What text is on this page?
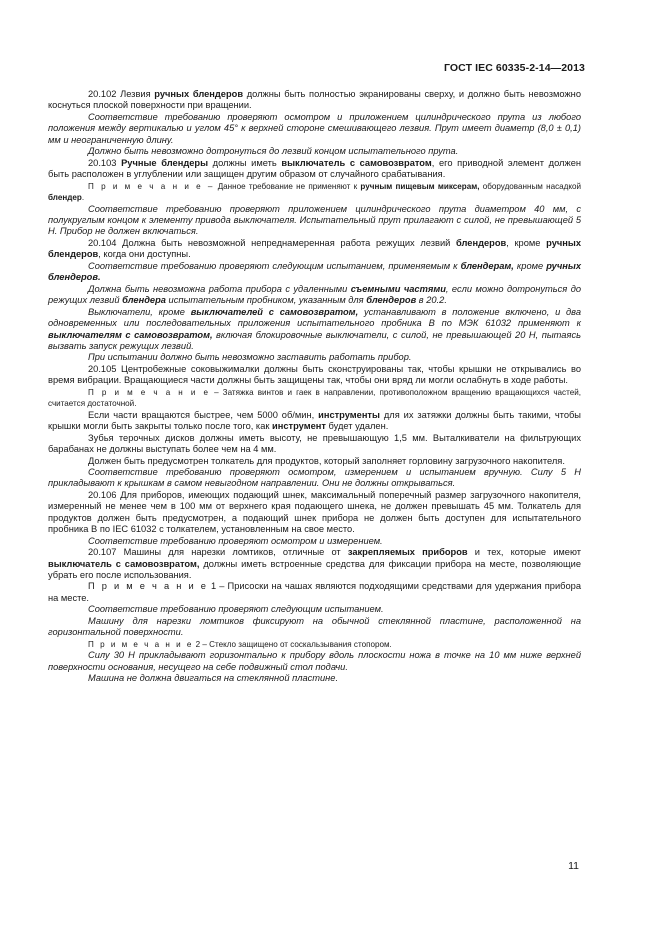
ГОСТ IEC 60335-2-14—2013

20.102 Лезвия ручных блендеров должны быть полностью экранированы сверху, и должно быть невозможно коснуться плоской поверхности при вращении.

Соответствие требованию проверяют осмотром и приложением цилиндрического прута из любого положения между вертикалью и углом 45° к верхней стороне смешивающего лезвия. Прут имеет диаметр (8,0 ± 0,1) мм и неограниченную длину.

Должно быть невозможно дотронуться до лезвий концом испытательного прута.

20.103 Ручные блендеры должны иметь выключатель с самовозвратом, его приводной элемент должен быть расположен в углублении или защищен другим образом от случайного срабатывания.

П р и м е ч а н и е – Данное требование не применяют к ручным пищевым миксерам, оборудованным насадкой блендер.

Соответствие требованию проверяют приложением цилиндрического прута диаметром 40 мм, с полукруглым концом к элементу привода выключателя. Испытательный прут прилагают с силой, не превышающей 5 Н. Прибор не должен включаться.

20.104 Должна быть невозможной непреднамеренная работа режущих лезвий блендеров, кроме ручных блендеров, когда они доступны.

Соответствие требованию проверяют следующим испытанием, применяемым к блендерам, кроме ручных блендеров.

Должна быть невозможна работа прибора с удаленными съемными частями, если можно дотронуться до режущих лезвий блендера испытательным пробником, указанным для блендеров в 20.2.

Выключатели, кроме выключателей с самовозвратом, устанавливают в положение включено, и два одновременных или последовательных приложения испытательного пробника В по МЭК 61032 применяют к выключателям с самовозвратом, включая блокировочные выключатели, с силой, не превышающей 20 Н, пытаясь вызвать запуск режущих лезвий.

При испытании должно быть невозможно заставить работать прибор.

20.105 Центробежные соковыжималки должны быть сконструированы так, чтобы крышки не открывались во время вибрации. Вращающиеся части должны быть защищены так, чтобы они вряд ли могли ослабнуть в ходе работы.

П р и м е ч а н и е – Затяжка винтов и гаек в направлении, противоположном вращению вращающихся частей, считается достаточной.

Если части вращаются быстрее, чем 5000 об/мин, инструменты для их затяжки должны быть такими, чтобы крышки могли быть закрыты только после того, как инструмент будет удален.

Зубья терочных дисков должны иметь высоту, не превышающую 1,5 мм. Выталкиватели на фильтрующих барабанах не должны выступать более чем на 4 мм.

Должен быть предусмотрен толкатель для продуктов, который заполняет горловину загрузочного накопителя.

Соответствие требованию проверяют осмотром, измерением и испытанием вручную. Силу 5 Н прикладывают к крышкам в самом невыгодном направлении. Они не должны открываться.

20.106 Для приборов, имеющих подающий шнек, максимальный поперечный размер загрузочного накопителя, измеренный не менее чем в 100 мм от верхнего края подающего шнека, не должен превышать 45 мм. Толкатель для продуктов должен быть предусмотрен, а подающий шнек прибора не должен быть доступен для испытательного пробника В по IEC 61032 с толкателем, установленным на свое место.

Соответствие требованию проверяют осмотром и измерением.

20.107 Машины для нарезки ломтиков, отличные от закрепляемых приборов и тех, которые имеют выключатель с самовозвратом, должны иметь встроенные средства для фиксации прибора на месте, позволяющие убрать его после использования.

П р и м е ч а н и е 1 – Присоски на чашах являются подходящими средствами для удержания прибора на месте.

Соответствие требованию проверяют следующим испытанием.

Машину для нарезки ломтиков фиксируют на обычной стеклянной пластине, расположенной на горизонтальной поверхности.

П р и м е ч а н и е 2 – Стекло защищено от соскальзывания стопором.

Силу 30 Н прикладывают горизонтально к прибору вдоль плоскости ножа в точке на 10 мм ниже верхней поверхности основания, несущего на себе подвижный стол подачи.

Машина не должна двигаться на стеклянной пластине.

11
